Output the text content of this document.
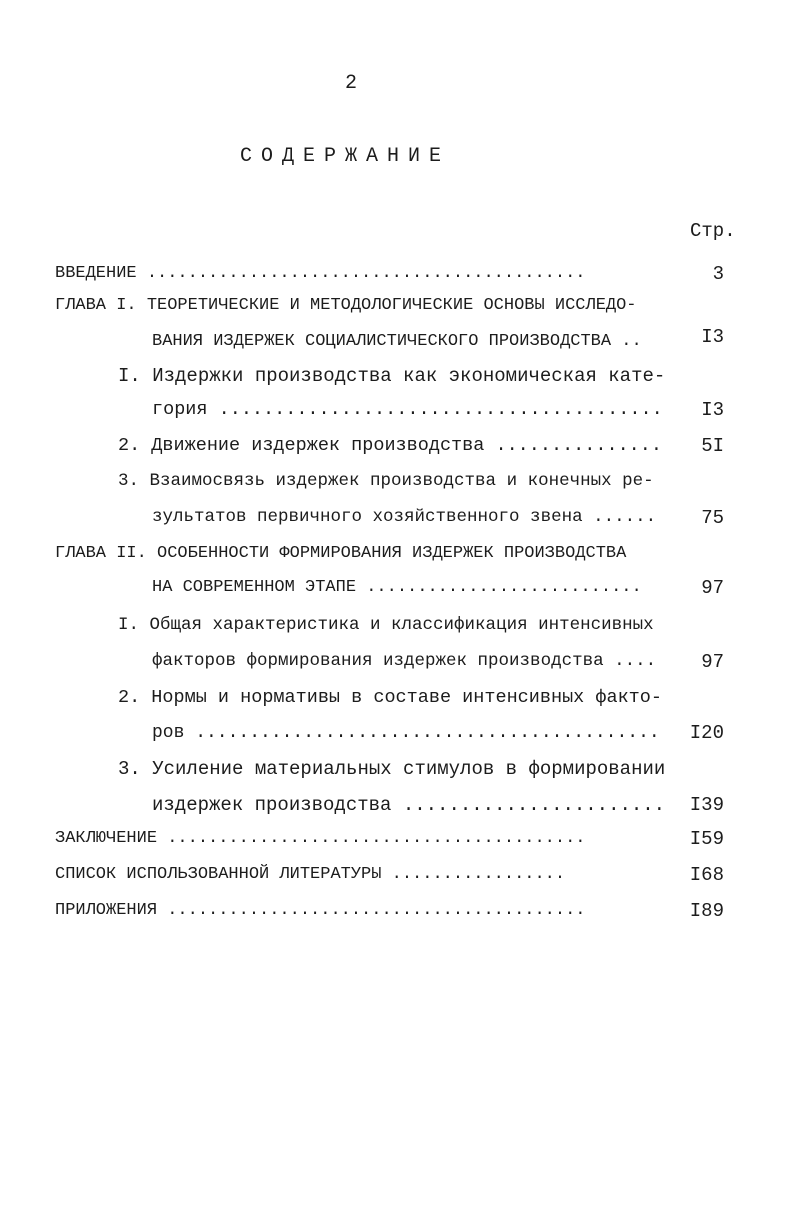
2
СОДЕРЖАНИЕ
Стр.
ВВЕДЕНИЕ ...........................................	3
ГЛАВА I. ТЕОРЕТИЧЕСКИЕ И МЕТОДОЛОГИЧЕСКИЕ ОСНОВЫ ИССЛЕДО-
ВАНИЯ ИЗДЕРЖЕК СОЦИАЛИСТИЧЕСКОГО ПРОИЗВОДСТВА ..	I3
I. Издержки производства как экономическая кате-
гория ........................................	I3
2. Движение издержек производства ...............	5I
3. Взаимосвязь издержек производства и конечных ре-
зультатов первичного хозяйственного звена ......	75
ГЛАВА II. ОСОБЕННОСТИ ФОРМИРОВАНИЯ ИЗДЕРЖЕК ПРОИЗВОДСТВА
НА СОВРЕМЕННОМ ЭТАПЕ ...........................	97
I. Общая характеристика и классификация интенсивных
факторов формирования издержек производства ....	97
2. Нормы и нормативы в составе интенсивных факто-
ров ...........................................	I20
3. Усиление материальных стимулов в формировании
издержек производства .......................	I39
ЗАКЛЮЧЕНИЕ .........................................	I59
СПИСОК ИСПОЛЬЗОВАННОЙ ЛИТЕРАТУРЫ .................	I68
ПРИЛОЖЕНИЯ .........................................	I89
